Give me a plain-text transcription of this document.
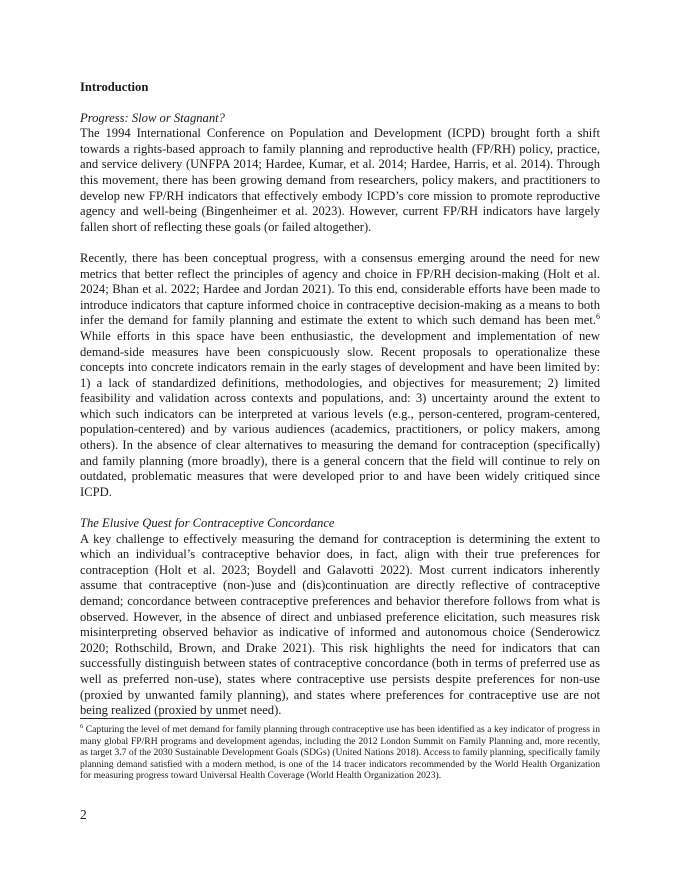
Introduction
Progress: Slow or Stagnant?

The 1994 International Conference on Population and Development (ICPD) brought forth a shift towards a rights-based approach to family planning and reproductive health (FP/RH) policy, practice, and service delivery (UNFPA 2014; Hardee, Kumar, et al. 2014; Hardee, Harris, et al. 2014). Through this movement, there has been growing demand from researchers, policy makers, and practitioners to develop new FP/RH indicators that effectively embody ICPD’s core mission to promote reproductive agency and well-being (Bingenheimer et al. 2023). However, current FP/RH indicators have largely fallen short of reflecting these goals (or failed altogether).

Recently, there has been conceptual progress, with a consensus emerging around the need for new metrics that better reflect the principles of agency and choice in FP/RH decision-making (Holt et al. 2024; Bhan et al. 2022; Hardee and Jordan 2021). To this end, considerable efforts have been made to introduce indicators that capture informed choice in contraceptive decision-making as a means to both infer the demand for family planning and estimate the extent to which such demand has been met.$^6$ While efforts in this space have been enthusiastic, the development and implementation of new demand-side measures have been conspicuously slow. Recent proposals to operationalize these concepts into concrete indicators remain in the early stages of development and have been limited by: 1) a lack of standardized definitions, methodologies, and objectives for measurement; 2) limited feasibility and validation across contexts and populations, and: 3) uncertainty around the extent to which such indicators can be interpreted at various levels (e.g., person-centered, program-centered, population-centered) and by various audiences (academics, practitioners, or policy makers, among others). In the absence of clear alternatives to measuring the demand for contraception (specifically) and family planning (more broadly), there is a general concern that the field will continue to rely on outdated, problematic measures that were developed prior to and have been widely critiqued since ICPD.

The Elusive Quest for Contraceptive Concordance

A key challenge to effectively measuring the demand for contraception is determining the extent to which an individual’s contraceptive behavior does, in fact, align with their true preferences for contraception (Holt et al. 2023; Boydell and Galavotti 2022). Most current indicators inherently assume that contraceptive (non-)use and (dis)continuation are directly reflective of contraceptive demand; concordance between contraceptive preferences and behavior therefore follows from what is observed. However, in the absence of direct and unbiased preference elicitation, such measures risk misinterpreting observed behavior as indicative of informed and autonomous choice (Senderowicz 2020; Rothschild, Brown, and Drake 2021). This risk highlights the need for indicators that can successfully distinguish between states of contraceptive concordance (both in terms of preferred use as well as preferred non-use), states where contraceptive use persists despite preferences for non-use (proxied by unwanted family planning), and states where preferences for contraceptive use are not being realized (proxied by unmet need).

$^6$ Capturing the level of met demand for family planning through contraceptive use has been identified as a key indicator of progress in many global FP/RH programs and development agendas, including the 2012 London Summit on Family Planning and, more recently, as target 3.7 of the 2030 Sustainable Development Goals (SDGs) (United Nations 2018). Access to family planning, specifically family planning demand satisfied with a modern method, is one of the 14 tracer indicators recommended by the World Health Organization for measuring progress toward Universal Health Coverage (World Health Organization 2023).
2
